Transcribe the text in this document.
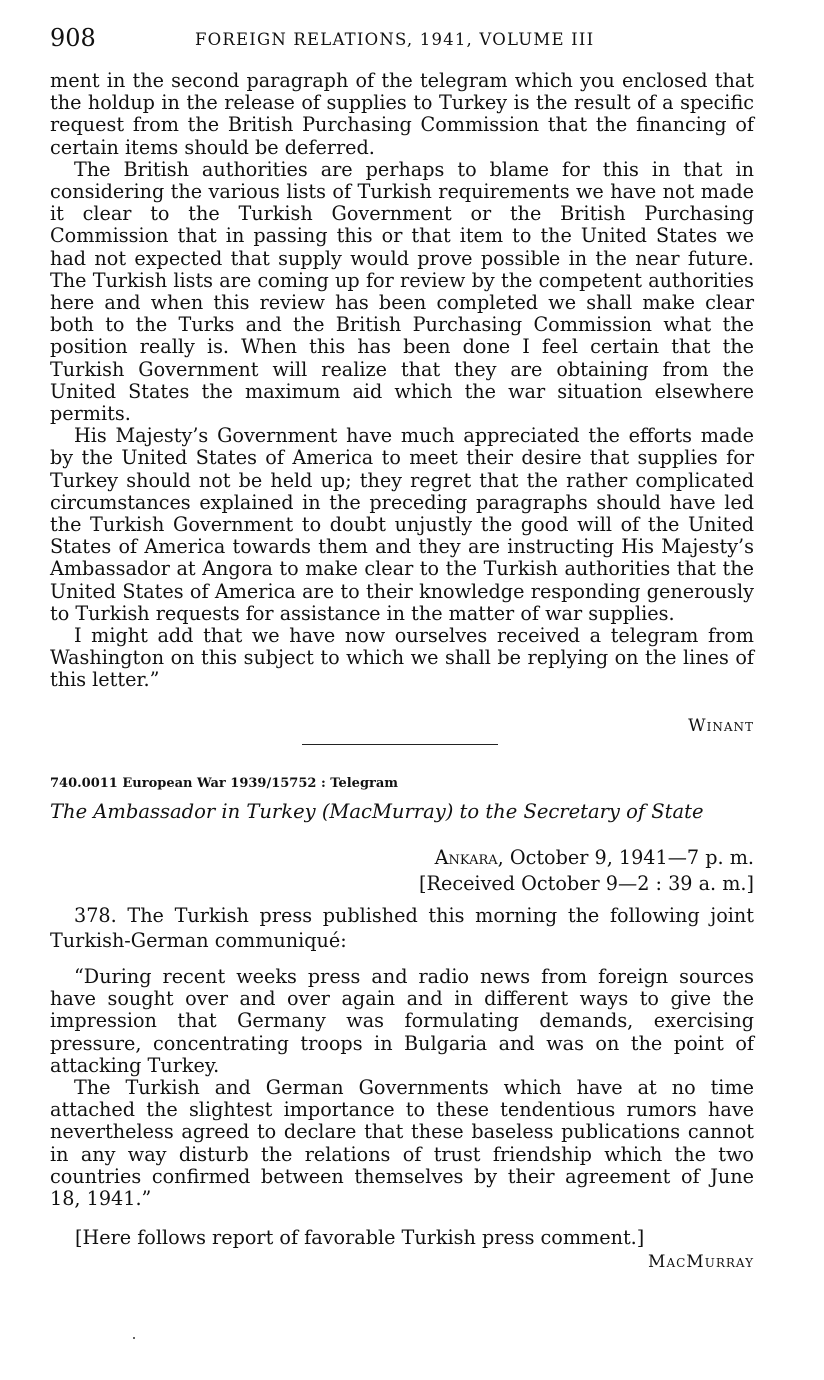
908	FOREIGN RELATIONS, 1941, VOLUME III

ment in the second paragraph of the telegram which you enclosed that the holdup in the release of supplies to Turkey is the result of a specific request from the British Purchasing Commission that the financing of certain items should be deferred.

The British authorities are perhaps to blame for this in that in considering the various lists of Turkish requirements we have not made it clear to the Turkish Government or the British Purchasing Commission that in passing this or that item to the United States we had not expected that supply would prove possible in the near future. The Turkish lists are coming up for review by the competent authorities here and when this review has been completed we shall make clear both to the Turks and the British Purchasing Commission what the position really is. When this has been done I feel certain that the Turkish Government will realize that they are obtaining from the United States the maximum aid which the war situation elsewhere permits.

His Majesty’s Government have much appreciated the efforts made by the United States of America to meet their desire that supplies for Turkey should not be held up; they regret that the rather complicated circumstances explained in the preceding paragraphs should have led the Turkish Government to doubt unjustly the good will of the United States of America towards them and they are instructing His Majesty’s Ambassador at Angora to make clear to the Turkish authorities that the United States of America are to their knowledge responding generously to Turkish requests for assistance in the matter of war supplies.

I might add that we have now ourselves received a telegram from Washington on this subject to which we shall be replying on the lines of this letter.”

Winant
740.0011 European War 1939/15752 : Telegram
The Ambassador in Turkey (MacMurray) to the Secretary of State
Ankara, October 9, 1941—7 p. m.
[Received October 9—2 : 39 a. m.]

378. The Turkish press published this morning the following joint Turkish-German communiqué:

“During recent weeks press and radio news from foreign sources have sought over and over again and in different ways to give the impression that Germany was formulating demands, exercising pressure, concentrating troops in Bulgaria and was on the point of attacking Turkey.

The Turkish and German Governments which have at no time attached the slightest importance to these tendentious rumors have nevertheless agreed to declare that these baseless publications cannot in any way disturb the relations of trust friendship which the two countries confirmed between themselves by their agreement of June 18, 1941.”

[Here follows report of favorable Turkish press comment.]
MacMurray
